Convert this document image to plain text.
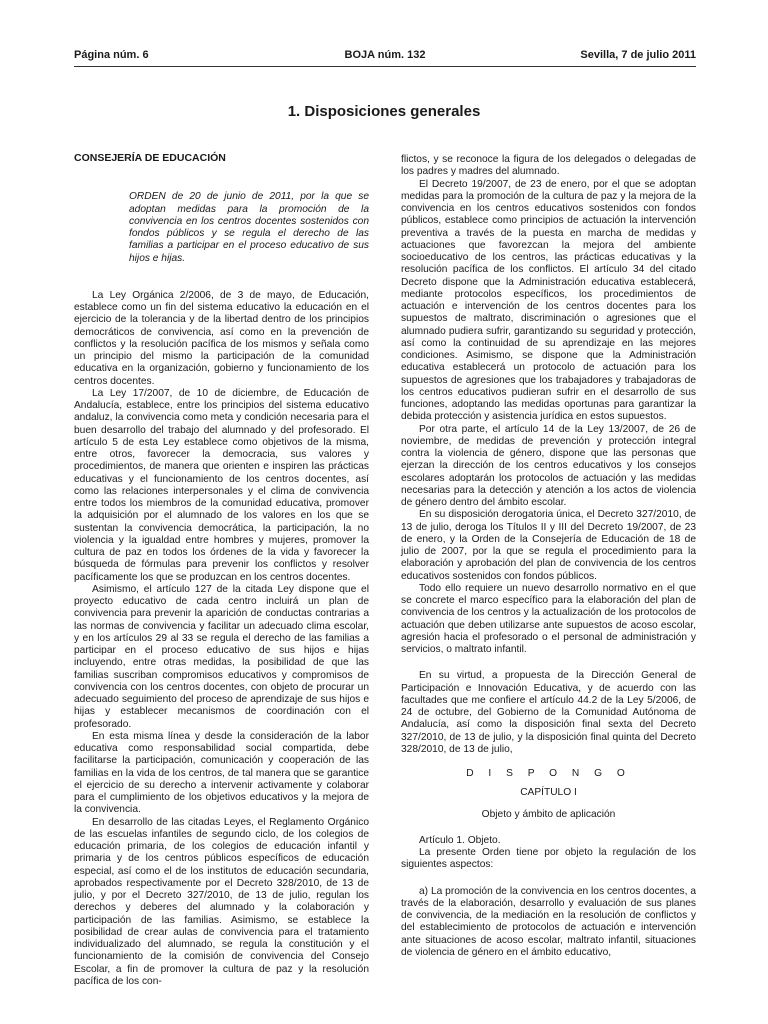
Página núm. 6	BOJA núm. 132	Sevilla, 7 de julio 2011
1. Disposiciones generales

CONSEJERÍA DE EDUCACIÓN

ORDEN de 20 de junio de 2011, por la que se adoptan medidas para la promoción de la convivencia en los centros docentes sostenidos con fondos públicos y se regula el derecho de las familias a participar en el proceso educativo de sus hijos e hijas.

La Ley Orgánica 2/2006, de 3 de mayo, de Educación, establece como un fin del sistema educativo la educación en el ejercicio de la tolerancia y de la libertad dentro de los principios democráticos de convivencia, así como en la prevención de conflictos y la resolución pacífica de los mismos y señala como un principio del mismo la participación de la comunidad educativa en la organización, gobierno y funcionamiento de los centros docentes.

La Ley 17/2007, de 10 de diciembre, de Educación de Andalucía, establece, entre los principios del sistema educativo andaluz, la convivencia como meta y condición necesaria para el buen desarrollo del trabajo del alumnado y del profesorado. El artículo 5 de esta Ley establece como objetivos de la misma, entre otros, favorecer la democracia, sus valores y procedimientos, de manera que orienten e inspiren las prácticas educativas y el funcionamiento de los centros docentes, así como las relaciones interpersonales y el clima de convivencia entre todos los miembros de la comunidad educativa, promover la adquisición por el alumnado de los valores en los que se sustentan la convivencia democrática, la participación, la no violencia y la igualdad entre hombres y mujeres, promover la cultura de paz en todos los órdenes de la vida y favorecer la búsqueda de fórmulas para prevenir los conflictos y resolver pacíficamente los que se produzcan en los centros docentes.

Asimismo, el artículo 127 de la citada Ley dispone que el proyecto educativo de cada centro incluirá un plan de convivencia para prevenir la aparición de conductas contrarias a las normas de convivencia y facilitar un adecuado clima escolar, y en los artículos 29 al 33 se regula el derecho de las familias a participar en el proceso educativo de sus hijos e hijas incluyendo, entre otras medidas, la posibilidad de que las familias suscriban compromisos educativos y compromisos de convivencia con los centros docentes, con objeto de procurar un adecuado seguimiento del proceso de aprendizaje de sus hijos e hijas y establecer mecanismos de coordinación con el profesorado.

En esta misma línea y desde la consideración de la labor educativa como responsabilidad social compartida, debe facilitarse la participación, comunicación y cooperación de las familias en la vida de los centros, de tal manera que se garantice el ejercicio de su derecho a intervenir activamente y colaborar para el cumplimiento de los objetivos educativos y la mejora de la convivencia.

En desarrollo de las citadas Leyes, el Reglamento Orgánico de las escuelas infantiles de segundo ciclo, de los colegios de educación primaria, de los colegios de educación infantil y primaria y de los centros públicos específicos de educación especial, así como el de los institutos de educación secundaria, aprobados respectivamente por el Decreto 328/2010, de 13 de julio, y por el Decreto 327/2010, de 13 de julio, regulan los derechos y deberes del alumnado y la colaboración y participación de las familias. Asimismo, se establece la posibilidad de crear aulas de convivencia para el tratamiento individualizado del alumnado, se regula la constitución y el funcionamiento de la comisión de convivencia del Consejo Escolar, a fin de promover la cultura de paz y la resolución pacífica de los con-

flictos, y se reconoce la figura de los delegados o delegadas de los padres y madres del alumnado.

El Decreto 19/2007, de 23 de enero, por el que se adoptan medidas para la promoción de la cultura de paz y la mejora de la convivencia en los centros educativos sostenidos con fondos públicos, establece como principios de actuación la intervención preventiva a través de la puesta en marcha de medidas y actuaciones que favorezcan la mejora del ambiente socioeducativo de los centros, las prácticas educativas y la resolución pacífica de los conflictos. El artículo 34 del citado Decreto dispone que la Administración educativa establecerá, mediante protocolos específicos, los procedimientos de actuación e intervención de los centros docentes para los supuestos de maltrato, discriminación o agresiones que el alumnado pudiera sufrir, garantizando su seguridad y protección, así como la continuidad de su aprendizaje en las mejores condiciones. Asimismo, se dispone que la Administración educativa establecerá un protocolo de actuación para los supuestos de agresiones que los trabajadores y trabajadoras de los centros educativos pudieran sufrir en el desarrollo de sus funciones, adoptando las medidas oportunas para garantizar la debida protección y asistencia jurídica en estos supuestos.

Por otra parte, el artículo 14 de la Ley 13/2007, de 26 de noviembre, de medidas de prevención y protección integral contra la violencia de género, dispone que las personas que ejerzan la dirección de los centros educativos y los consejos escolares adoptarán los protocolos de actuación y las medidas necesarias para la detección y atención a los actos de violencia de género dentro del ámbito escolar.

En su disposición derogatoria única, el Decreto 327/2010, de 13 de julio, deroga los Títulos II y III del Decreto 19/2007, de 23 de enero, y la Orden de la Consejería de Educación de 18 de julio de 2007, por la que se regula el procedimiento para la elaboración y aprobación del plan de convivencia de los centros educativos sostenidos con fondos públicos.

Todo ello requiere un nuevo desarrollo normativo en el que se concrete el marco específico para la elaboración del plan de convivencia de los centros y la actualización de los protocolos de actuación que deben utilizarse ante supuestos de acoso escolar, agresión hacia el profesorado o el personal de administración y servicios, o maltrato infantil.

En su virtud, a propuesta de la Dirección General de Participación e Innovación Educativa, y de acuerdo con las facultades que me confiere el artículo 44.2 de la Ley 5/2006, de 24 de octubre, del Gobierno de la Comunidad Autónoma de Andalucía, así como la disposición final sexta del Decreto 327/2010, de 13 de julio, y la disposición final quinta del Decreto 328/2010, de 13 de julio,

D I S P O N G O

CAPÍTULO I

Objeto y ámbito de aplicación

Artículo 1. Objeto.

La presente Orden tiene por objeto la regulación de los siguientes aspectos:

a) La promoción de la convivencia en los centros docentes, a través de la elaboración, desarrollo y evaluación de sus planes de convivencia, de la mediación en la resolución de conflictos y del establecimiento de protocolos de actuación e intervención ante situaciones de acoso escolar, maltrato infantil, situaciones de violencia de género en el ámbito educativo,
